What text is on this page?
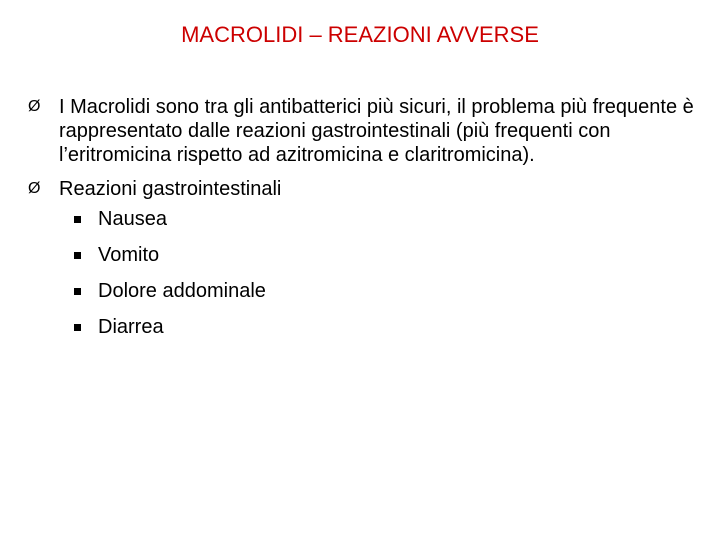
MACROLIDI – REAZIONI AVVERSE
Ø I Macrolidi sono tra gli antibatterici più sicuri, il problema più frequente è rappresentato dalle reazioni gastrointestinali (più frequenti con l’eritromicina rispetto ad azitromicina e claritromicina).
Ø Reazioni gastrointestinali
Nausea
Vomito
Dolore addominale
Diarrea
